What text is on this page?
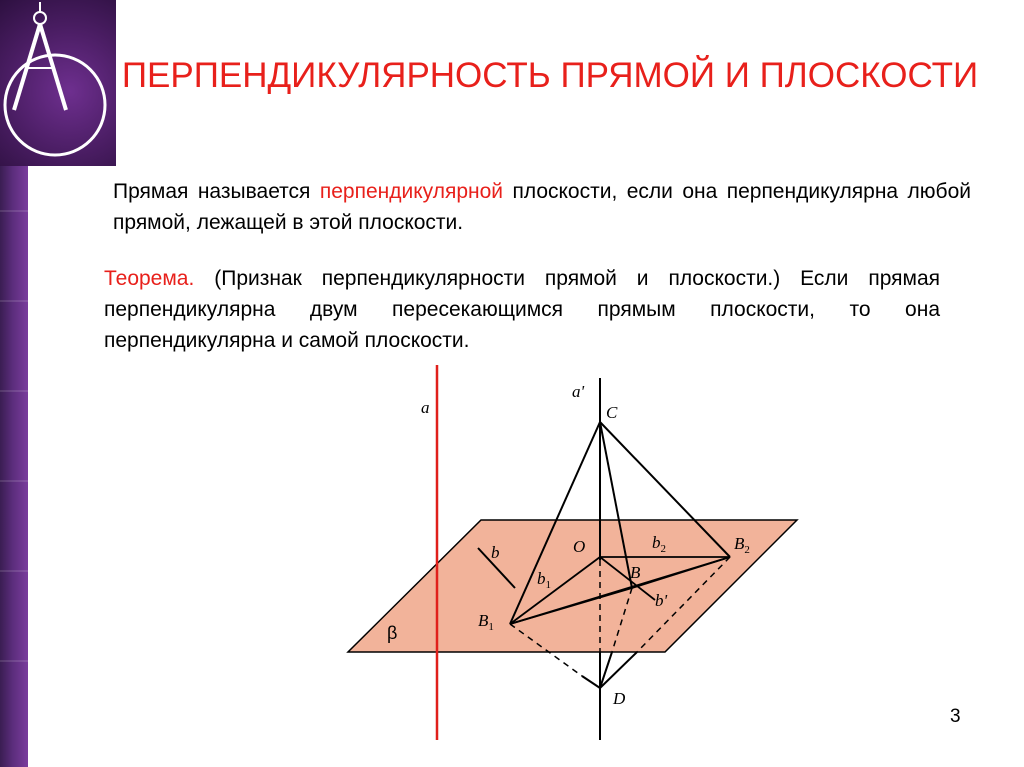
ПЕРПЕНДИКУЛЯРНОСТЬ ПРЯМОЙ И ПЛОСКОСТИ
Прямая называется перпендикулярной плоскости, если она перпендикулярна любой прямой, лежащей в этой плоскости.
Теорема. (Признак перпендикулярности прямой и плоскости.) Если прямая перпендикулярна двум пересекающимся прямым плоскости, то она перпендикулярна и самой плоскости.
a
a'
C
O
b
$b_1$
$b_2$
B
$B_1$
$B_2$
b'
D
β
3
